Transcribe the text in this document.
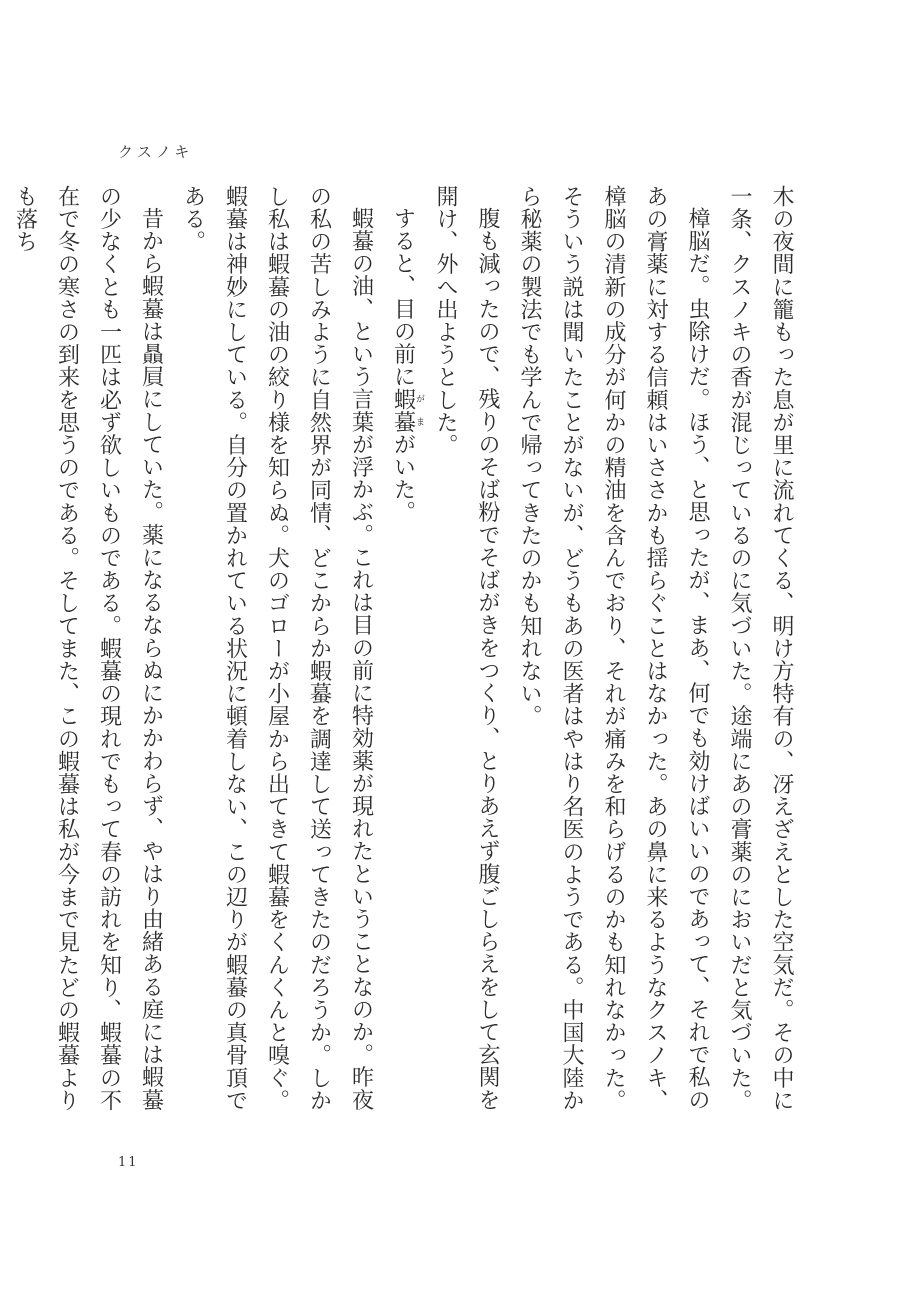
クスノキ

木の夜間に籠もった息が里に流れてくる、明け方特有の、冴えざえとした空気だ。その中に一条、クスノキの香が混じっているのに気づいた。途端にあの膏薬のにおいだと気づいた。

樟脳だ。虫除けだ。ほう、と思ったが、まあ、何でも効けばいいのであって、それで私のあの膏薬に対する信頼はいささかも揺らぐことはなかった。あの鼻に来るようなクスノキ、樟脳の清新の成分が何かの精油を含んでおり、それが痛みを和らげるのかも知れなかった。そういう説は聞いたことがないが、どうもあの医者はやはり名医のようである。中国大陸から秘薬の製法でも学んで帰ってきたのかも知れない。

腹も減ったので、残りのそば粉でそばがきをつくり、とりあえず腹ごしらえをして玄関を開け、外へ出ようとした。

すると、目の前に蝦蟇がまがいた。

蝦蟇の油、という言葉が浮かぶ。これは目の前に特効薬が現れたということなのか。昨夜の私の苦しみように自然界が同情、どこからか蝦蟇を調達して送ってきたのだろうか。しかし私は蝦蟇の油の絞り様を知らぬ。犬のゴローが小屋から出てきて蝦蟇をくんくんと嗅ぐ。蝦蟇は神妙にしている。自分の置かれている状況に頓着しない、この辺りが蝦蟇の真骨頂である。

昔から蝦蟇は贔屓にしていた。薬になるならぬにかかわらず、やはり由緒ある庭には蝦蟇の少なくとも一匹は必ず欲しいものである。蝦蟇の現れでもって春の訪れを知り、蝦蟇の不在で冬の寒さの到来を思うのである。そしてまた、この蝦蟇は私が今まで見たどの蝦蟇よりも落ち

11
